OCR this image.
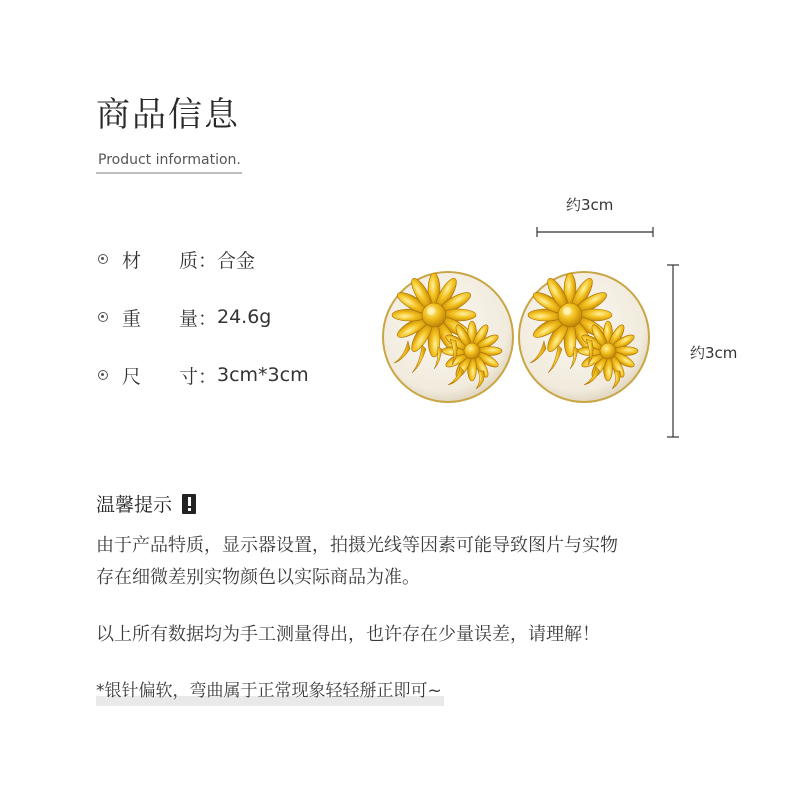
商品信息
Product information.
材　　质： 合金
重　　量： 24.6g
尺　　寸： 3cm*3cm
约3cm
约3cm
温馨提示
由于产品特质，显示器设置，拍摄光线等因素可能导致图片与实物
存在细微差别实物颜色以实际商品为准。
以上所有数据均为手工测量得出，也许存在少量误差，请理解！
*银针偏软，弯曲属于正常现象轻轻掰正即可~
